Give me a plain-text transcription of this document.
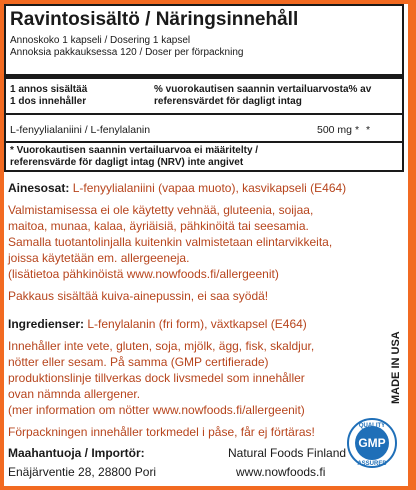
Ravintosisältö / Näringsinnehåll
Annoskoko 1 kapseli / Dosering 1 kapsel
Annoksia pakkauksessa 120 / Doser per förpackning
1 annos sisältää
1 dos innehåller
% vuorokautisen saannin vertailuarvosta% av
referensvärdet för dagligt intag
L-fenyylialaniini / L-fenylalanin	500 mg * *
* Vuorokautisen saannin vertailuarvoa ei määritelty /
referensvärde för dagligt intag (NRV) inte angivet
Ainesosat: L-fenyylialaniini (vapaa muoto), kasvikapseli (E464)
Valmistamisessa ei ole käytetty vehnää, gluteenia, soijaa,
maitoa, munaa, kalaa, äyriäisiä, pähkinöitä tai seesamia.
Samalla tuotantolinjalla kuitenkin valmistetaan elintarvikkeita,
joissa käytetään em. allergeeneja.
(lisätietoa pähkinöistä www.nowfoods.fi/allergeenit)
Pakkaus sisältää kuiva-ainepussin, ei saa syödä!
Ingredienser: L-fenylalanin (fri form), växtkapsel (E464)
Innehåller inte vete, gluten, soja, mjölk, ägg, fisk, skaldjur,
nötter eller sesam. På samma (GMP certifierade)
produktionslinje tillverkas dock livsmedel som innehåller
ovan nämnda allergener.
(mer information om nötter www.nowfoods.fi/allergeenit)
Förpackningen innehåller torkmedel i påse, får ej förtäras!
MADE IN USA
Maahantuoja / Importör:
Enäjärventie 28, 28800 Pori
Natural Foods Finland
www.nowfoods.fi
QUALITY
GMP
ASSURED
